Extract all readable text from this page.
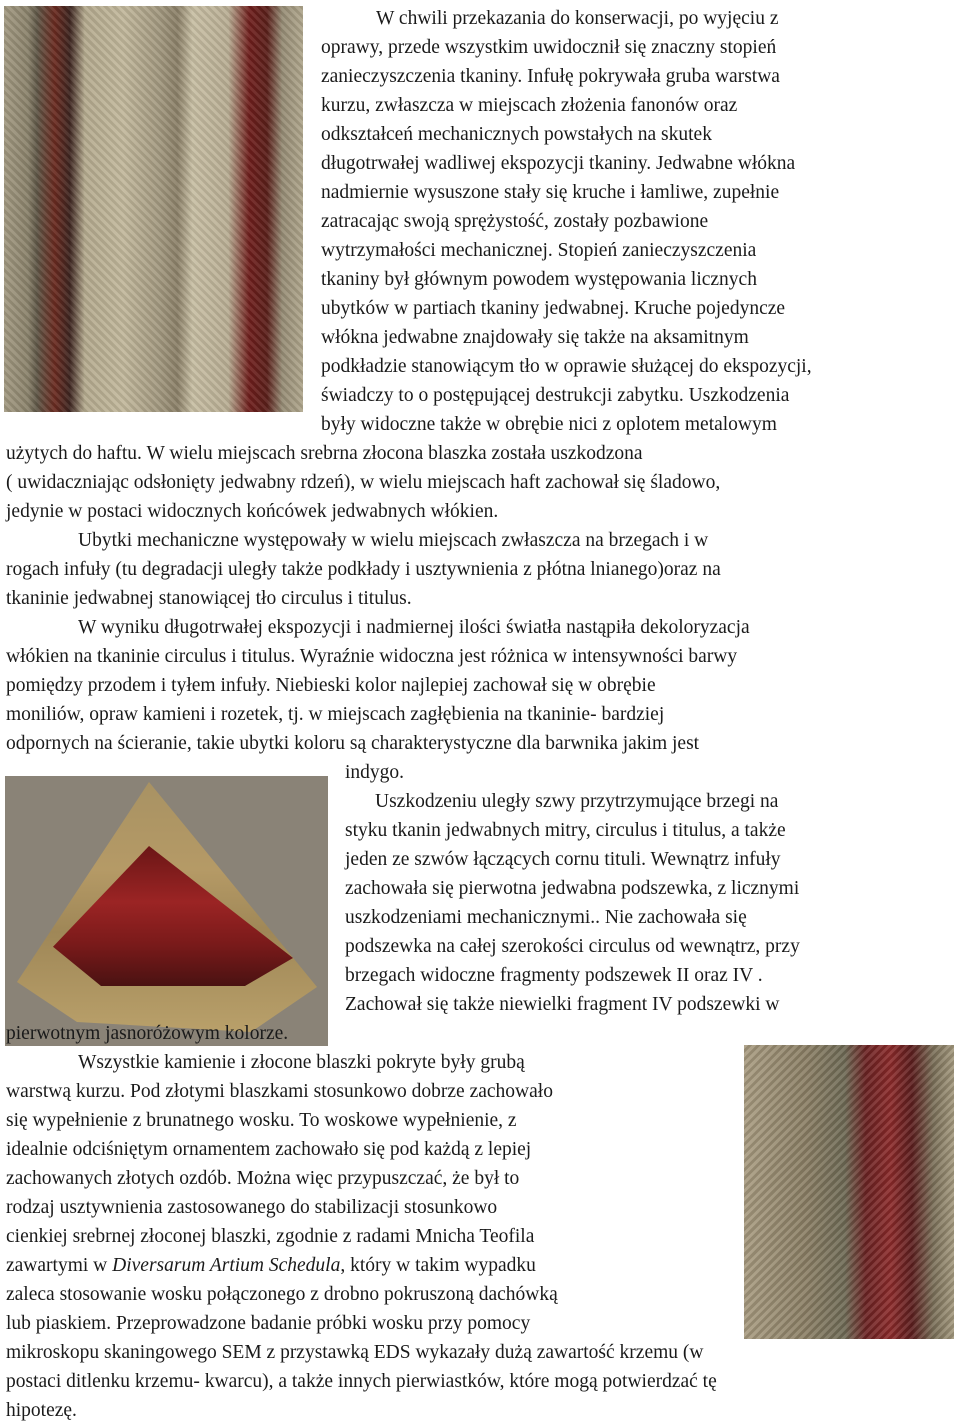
W chwili przekazania do konserwacji, po wyjęciu z
oprawy, przede wszystkim uwidocznił się znaczny stopień
zanieczyszczenia tkaniny. Infułę pokrywała gruba warstwa
kurzu, zwłaszcza w miejscach złożenia fanonów oraz
odkształceń mechanicznych powstałych na skutek
długotrwałej wadliwej ekspozycji tkaniny. Jedwabne włókna
nadmiernie wysuszone stały się kruche i łamliwe, zupełnie
zatracając swoją sprężystość, zostały pozbawione
wytrzymałości mechanicznej. Stopień zanieczyszczenia
tkaniny był głównym powodem występowania licznych
ubytków w partiach tkaniny jedwabnej. Kruche pojedyncze
włókna jedwabne znajdowały się także na aksamitnym
podkładzie stanowiącym tło w oprawie służącej do ekspozycji,
świadczy to o postępującej destrukcji zabytku. Uszkodzenia
były widoczne także w obrębie nici z oplotem metalowym
użytych do haftu. W wielu miejscach srebrna złocona blaszka została uszkodzona
( uwidaczniając odsłonięty jedwabny rdzeń), w wielu miejscach haft zachował się śladowo,
jedynie w postaci widocznych końcówek jedwabnych włókien.
Ubytki mechaniczne występowały w wielu miejscach zwłaszcza na brzegach i w
rogach infuły (tu degradacji uległy także podkłady i usztywnienia z płótna lnianego)oraz na
tkaninie jedwabnej stanowiącej tło circulus i titulus.
W wyniku długotrwałej ekspozycji i nadmiernej ilości światła nastąpiła dekoloryzacja
włókien na tkaninie circulus i titulus. Wyraźnie widoczna jest różnica w intensywności barwy
pomiędzy przodem i tyłem infuły. Niebieski kolor najlepiej zachował się w obrębie
moniliów, opraw kamieni i rozetek, tj. w miejscach zagłębienia na tkaninie- bardziej
odpornych na ścieranie, takie ubytki koloru są charakterystyczne dla barwnika jakim jest
indygo.
Uszkodzeniu uległy szwy przytrzymujące brzegi na
styku tkanin jedwabnych mitry, circulus i titulus, a także
jeden ze szwów łączących cornu tituli. Wewnątrz infuły
zachowała się pierwotna jedwabna podszewka, z licznymi
uszkodzeniami mechanicznymi.. Nie zachowała się
podszewka na całej szerokości circulus od wewnątrz, przy
brzegach widoczne fragmenty podszewek II oraz IV .
Zachował się także niewielki fragment IV podszewki w
pierwotnym jasnoróżowym kolorze.
Wszystkie kamienie i złocone blaszki pokryte były grubą
warstwą kurzu. Pod złotymi blaszkami stosunkowo dobrze zachowało
się wypełnienie z brunatnego wosku. To woskowe wypełnienie, z
idealnie odciśniętym ornamentem zachowało się pod każdą z lepiej
zachowanych złotych ozdób. Można więc przypuszczać, że był to
rodzaj usztywnienia zastosowanego do stabilizacji stosunkowo
cienkiej srebrnej złoconej blaszki, zgodnie z radami Mnicha Teofila
zawartymi w Diversarum Artium Schedula, który w takim wypadku
zaleca stosowanie wosku połączonego z drobno pokruszoną dachówką
lub piaskiem. Przeprowadzone badanie próbki wosku przy pomocy
mikroskopu skaningowego SEM z przystawką EDS wykazały dużą zawartość krzemu (w
postaci ditlenku krzemu- kwarcu), a także innych pierwiastków, które mogą potwierdzać tę
hipotezę.
